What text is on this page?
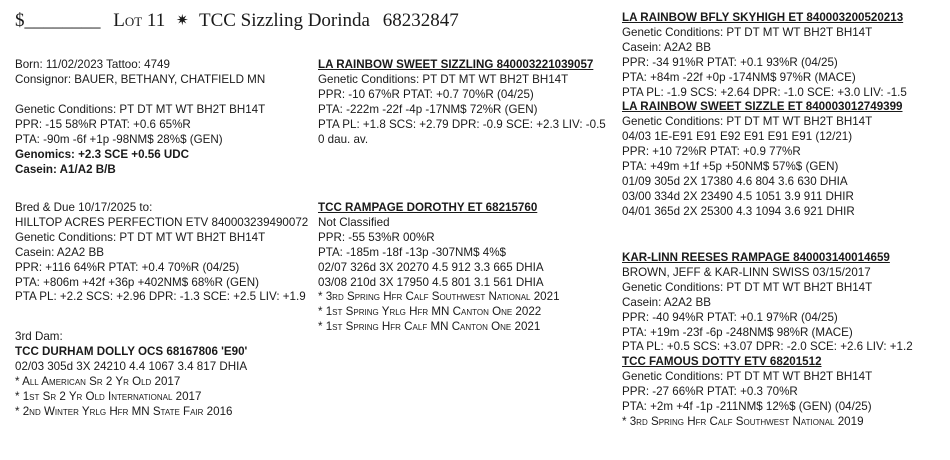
$________ Lot 11 ✷ TCC Sizzling Dorinda 68232847
Born: 11/02/2023 Tattoo: 4749
Consignor: BAUER, BETHANY, CHATFIELD MN
Genetic Conditions: PT DT MT WT BH2T BH14T
PPR: -15 58%R PTAT: +0.6 65%R
PTA: -90m -6f +1p -98NM$ 28%$ (GEN)
Genomics: +2.3 SCE +0.56 UDC
Casein: A1/A2 B/B
Bred & Due 10/17/2025 to:
HILLTOP ACRES PERFECTION ETV 840003239490072
Genetic Conditions: PT DT MT WT BH2T BH14T
Casein: A2A2 BB
PPR: +116 64%R PTAT: +0.4 70%R (04/25)
PTA: +806m +42f +36p +402NM$ 68%R (GEN)
PTA PL: +2.2 SCS: +2.96 DPR: -1.3 SCE: +2.5 LIV: +1.9
3rd Dam:
TCC DURHAM DOLLY OCS 68167806 'E90'
02/03 305d 3X 24210 4.4 1067 3.4 817 DHIA
* All American Sr 2 Yr Old 2017
* 1st Sr 2 Yr Old International 2017
* 2nd Winter Yrlg Hfr MN State Fair 2016
LA RAINBOW SWEET SIZZLING 840003221039057
Genetic Conditions: PT DT MT WT BH2T BH14T
PPR: -10 67%R PTAT: +0.7 70%R (04/25)
PTA: -222m -22f -4p -17NM$ 72%R (GEN)
PTA PL: +1.8 SCS: +2.79 DPR: -0.9 SCE: +2.3 LIV: -0.5
0 dau. av.
TCC RAMPAGE DOROTHY ET 68215760
Not Classified
PPR: -55 53%R 00%R
PTA: -185m -18f -13p -307NM$ 4%$
02/07 326d 3X 20270 4.5 912 3.3 665 DHIA
03/08 210d 3X 17950 4.5 801 3.1 561 DHIA
* 3rd Spring Hfr Calf Southwest National 2021
* 1st Spring Yrlg Hfr MN Canton One 2022
* 1st Spring Hfr Calf MN Canton One 2021
LA RAINBOW BFLY SKYHIGH ET 840003200520213
Genetic Conditions: PT DT MT WT BH2T BH14T
Casein: A2A2 BB
PPR: -34 91%R PTAT: +0.1 93%R (04/25)
PTA: +84m -22f +0p -174NM$ 97%R (MACE)
PTA PL: -1.9 SCS: +2.64 DPR: -1.0 SCE: +3.0 LIV: -1.5
LA RAINBOW SWEET SIZZLE ET 840003012749399
Genetic Conditions: PT DT MT WT BH2T BH14T
04/03 1E-E91 E91 E92 E91 E91 E91 (12/21)
PPR: +10 72%R PTAT: +0.9 77%R
PTA: +49m +1f +5p +50NM$ 57%$ (GEN)
01/09 305d 2X 17380 4.6 804 3.6 630 DHIA
03/00 334d 2X 23490 4.5 1051 3.9 911 DHIR
04/01 365d 2X 25300 4.3 1094 3.6 921 DHIR
KAR-LINN REESES RAMPAGE 840003140014659
BROWN, JEFF & KAR-LINN SWISS 03/15/2017
Genetic Conditions: PT DT MT WT BH2T BH14T
Casein: A2A2 BB
PPR: -40 94%R PTAT: +0.1 97%R (04/25)
PTA: +19m -23f -6p -248NM$ 98%R (MACE)
PTA PL: +0.5 SCS: +3.07 DPR: -2.0 SCE: +2.6 LIV: +1.2
TCC FAMOUS DOTTY ETV 68201512
Genetic Conditions: PT DT MT WT BH2T BH14T
PPR: -27 66%R PTAT: +0.3 70%R
PTA: +2m +4f -1p -211NM$ 12%$ (GEN) (04/25)
* 3rd Spring Hfr Calf Southwest National 2019
